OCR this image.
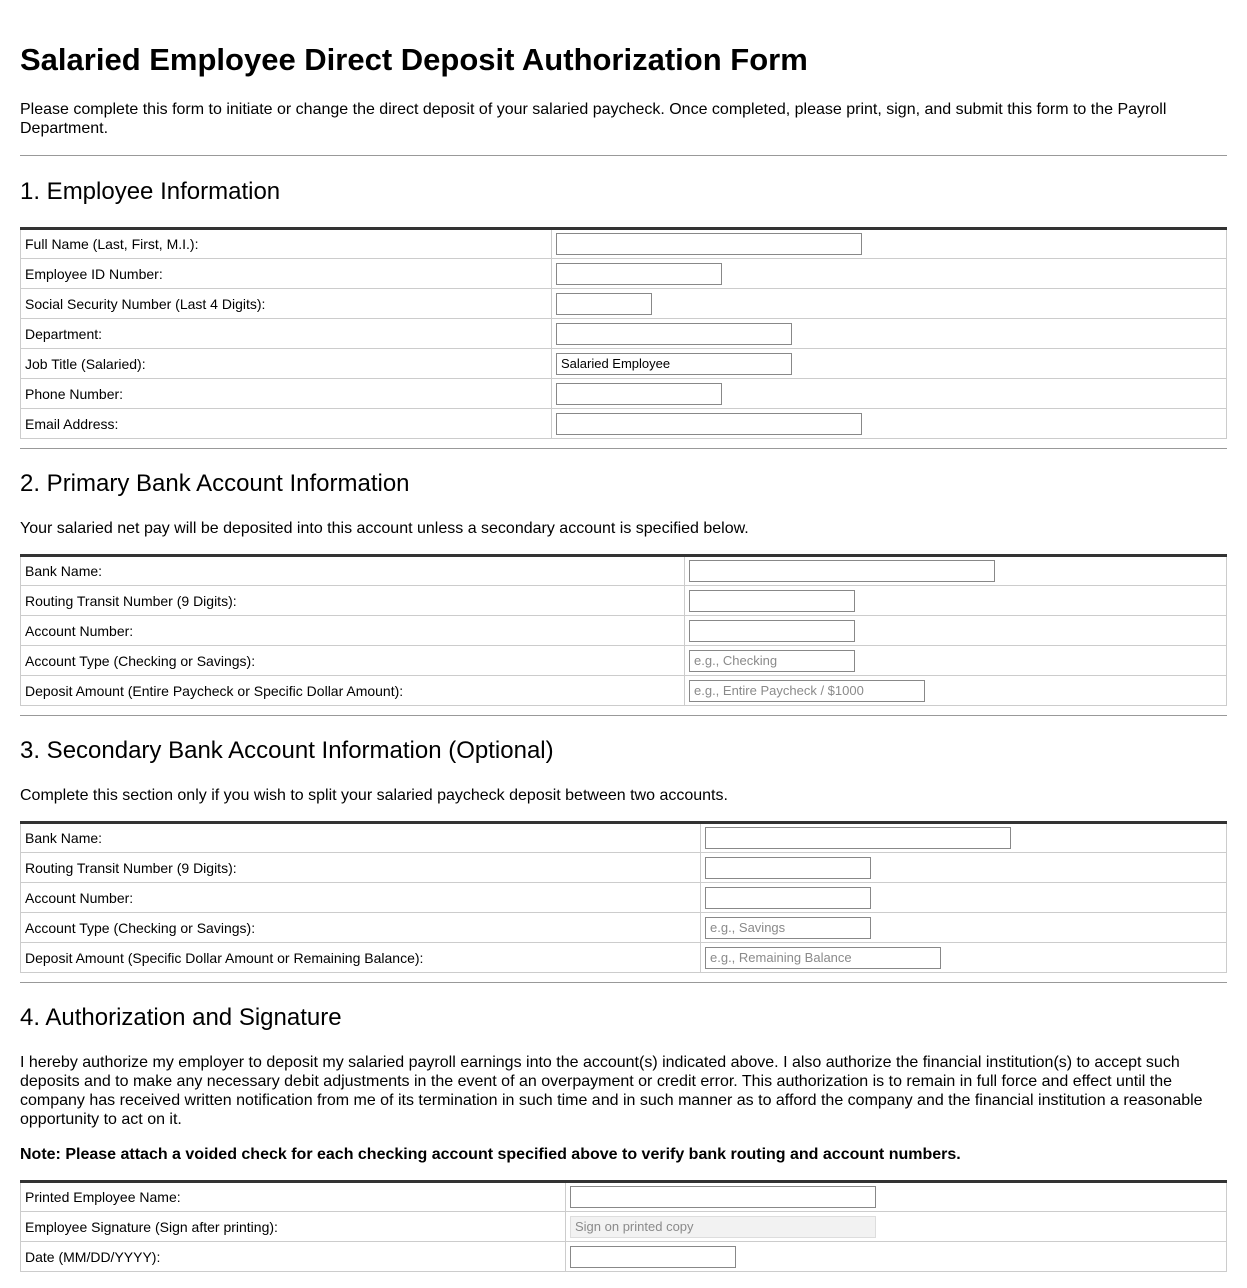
Salaried Employee Direct Deposit Authorization Form

Please complete this form to initiate or change the direct deposit of your salaried paycheck. Once completed, please print, sign, and submit this form to the Payroll Department.

1. Employee Information
Full Name (Last, First, M.I.):	
Employee ID Number:	
Social Security Number (Last 4 Digits):	
Department:	
Job Title (Salaried):	Salaried Employee
Phone Number:	
Email Address:	
2. Primary Bank Account Information

Your salaried net pay will be deposited into this account unless a secondary account is specified below.

Bank Name:	
Routing Transit Number (9 Digits):	
Account Number:	
Account Type (Checking or Savings):	e.g., Checking
Deposit Amount (Entire Paycheck or Specific Dollar Amount):	e.g., Entire Paycheck / $1000
3. Secondary Bank Account Information (Optional)

Complete this section only if you wish to split your salaried paycheck deposit between two accounts.

Bank Name:	
Routing Transit Number (9 Digits):	
Account Number:	
Account Type (Checking or Savings):	e.g., Savings
Deposit Amount (Specific Dollar Amount or Remaining Balance):	e.g., Remaining Balance
4. Authorization and Signature

I hereby authorize my employer to deposit my salaried payroll earnings into the account(s) indicated above. I also authorize the financial institution(s) to accept such deposits and to make any necessary debit adjustments in the event of an overpayment or credit error. This authorization is to remain in full force and effect until the company has received written notification from me of its termination in such time and in such manner as to afford the company and the financial institution a reasonable opportunity to act on it.

Note: Please attach a voided check for each checking account specified above to verify bank routing and account numbers.

Printed Employee Name:	
Employee Signature (Sign after printing):	Sign on printed copy
Date (MM/DD/YYYY):	
